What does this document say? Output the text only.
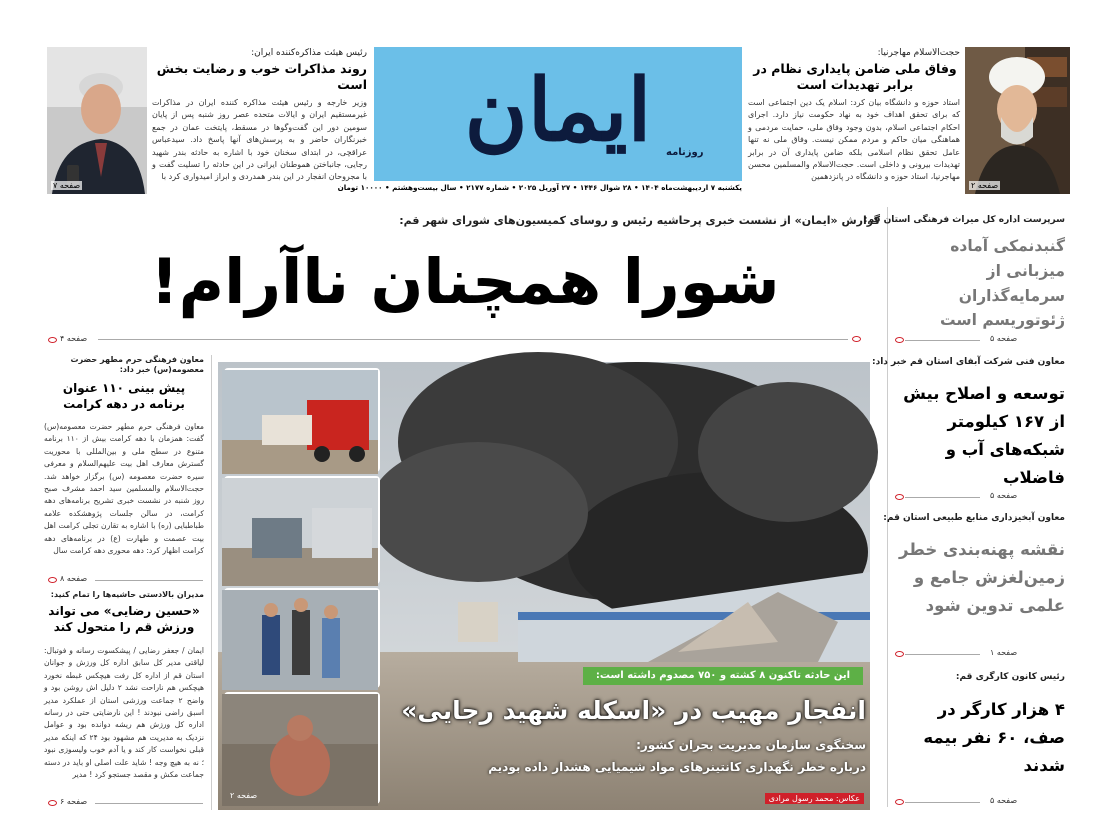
صفحه ۲
حجت‌الاسلام مهاجرنیا:
وفاق ملی ضامن پایداری نظام در برابر تهدیدات است
استاد حوزه و دانشگاه بیان کرد: اسلام یک دین اجتماعی است که برای تحقق اهداف خود به نهاد حکومت نیاز دارد. اجرای احکام اجتماعی اسلام، بدون وجود وفاق ملی، حمایت مردمی و هماهنگی میان حاکم و مردم ممکن نیست. وفاق ملی نه تنها عامل تحقق نظام اسلامی بلکه ضامن پایداری آن در برابر تهدیدات بیرونی و داخلی است. حجت‌الاسلام والمسلمین محسن مهاجرنیا، استاد حوزه و دانشگاه در پانزدهمین
ایمان	روزنامه
یکشنبه ۷ اردیبهشت‌ماه ۱۴۰۴ • ۲۸ شوال ۱۴۴۶ • ۲۷ آوریل ۲۰۲۵ • شماره ۲۱۷۷ • سال بیست‌وهشتم • ۱۰۰۰۰ تومان
رئیس هیئت مذاکره‌کننده ایران:
روند مذاکرات خوب و رضایت بخش است
وزیر خارجه و رئیس هیئت مذاکره کننده ایران در مذاکرات غیرمستقیم ایران و ایالات متحده عصر روز شنبه پس از پایان سومین دور این گفت‌وگوها در مسقط، پایتخت عمان در جمع خبرنگاران حاضر و به پرسش‌های آنها پاسخ داد. سیدعباس عراقچی، در ابتدای سخنان خود با اشاره به حادثه بندر شهید رجایی، جانباختن هموطنان ایرانی در این حادثه را تسلیت گفت و با مجروحان انفجار در این بندر همدردی و ابراز امیدواری کرد با
صفحه ۷
سرپرست اداره کل میراث فرهنگی استان قم:
گنبدنمکی آماده میزبانی از سرمایه‌گذاران ژئوتوریسم است
صفحه ۵
معاون فنی شرکت آبفای استان قم خبر داد:
توسعه و اصلاح بیش از ۱۶۷ کیلومتر شبکه‌های آب و فاضلاب
صفحه ۵
معاون آبخیزداری منابع طبیعی استان قم:
نقشه پهنه‌بندی خطر زمین‌لغزش جامع و علمی تدوین شود
صفحه ۱
رئیس کانون کارگری قم:
۴ هزار کارگر در صف، ۶۰ نفر بیمه شدند
صفحه ۵
گزارش «ایمان» از نشست خبری پرحاشیه رئیس و روسای کمیسیون‌های شورای شهر قم:
شورا همچنان ناآرام!
صفحه ۴
صفحه ۲
این حادثه تاکنون ۸ کشته و ۷۵۰ مصدوم داشته است:
انفجار مهیب در «اسکله شهید رجایی»
سخنگوی سازمان مدیریت بحران کشور:
درباره خطر نگهداری کانتینرهای مواد شیمیایی هشدار داده بودیم
عکاس: محمد رسول مرادی
معاون فرهنگی حرم مطهر حضرت معصومه(س) خبر داد:
پیش بینی ۱۱۰ عنوان برنامه در دهه کرامت
معاون فرهنگی حرم مطهر حضرت معصومه(س) گفت: همزمان با دهه کرامت بیش از ۱۱۰ برنامه متنوع در سطح ملی و بین‌المللی با محوریت گسترش معارف اهل بیت علیهم‌السلام و معرفی سیره حضرت معصومه (س) برگزار خواهد شد. حجت‌الاسلام والمسلمین سید احمد مشرف صبح روز شنبه در نشست خبری تشریح برنامه‌های دهه کرامت، در سالن جلسات پژوهشکده علامه طباطبایی (ره) با اشاره به تقارن تجلی کرامت اهل بیت عصمت و طهارت (ع) در برنامه‌های دهه کرامت اظهار کرد: دهه محوری دهه کرامت سال
صفحه ۸
مدیران بالادستی حاشیه‌ها را تمام کنید:
«حسین رضایی» می تواند ورزش قم را متحول کند
ایمان / جعفر رضایی / پیشکسوت رسانه و فوتبال: لیاقتی مدیر کل سابق اداره کل ورزش و جوانان استان قم از اداره کل رفت هیچکس غبطه نخورد هیچکس هم ناراحت نشد ۲ دلیل اش روشن بود و واضح ۲ جماعت ورزشی استان از عملکرد مدیر اسبق راضی نبودند ! این نارضایتی حتی در رسانه اداره کل ورزش هم ریشه دوانده بود و عوامل نزدیک به مدیریت هم مشهود بود ۲۴ که اینکه مدیر قبلی نخواست کار کند و یا آدم خوب ولیسوزی نبود ؛ نه به هیچ وجه ! شاید علت اصلی او باید در دسته جماعت مکش و مقصد جستجو کرد ! مدیر
صفحه ۶
